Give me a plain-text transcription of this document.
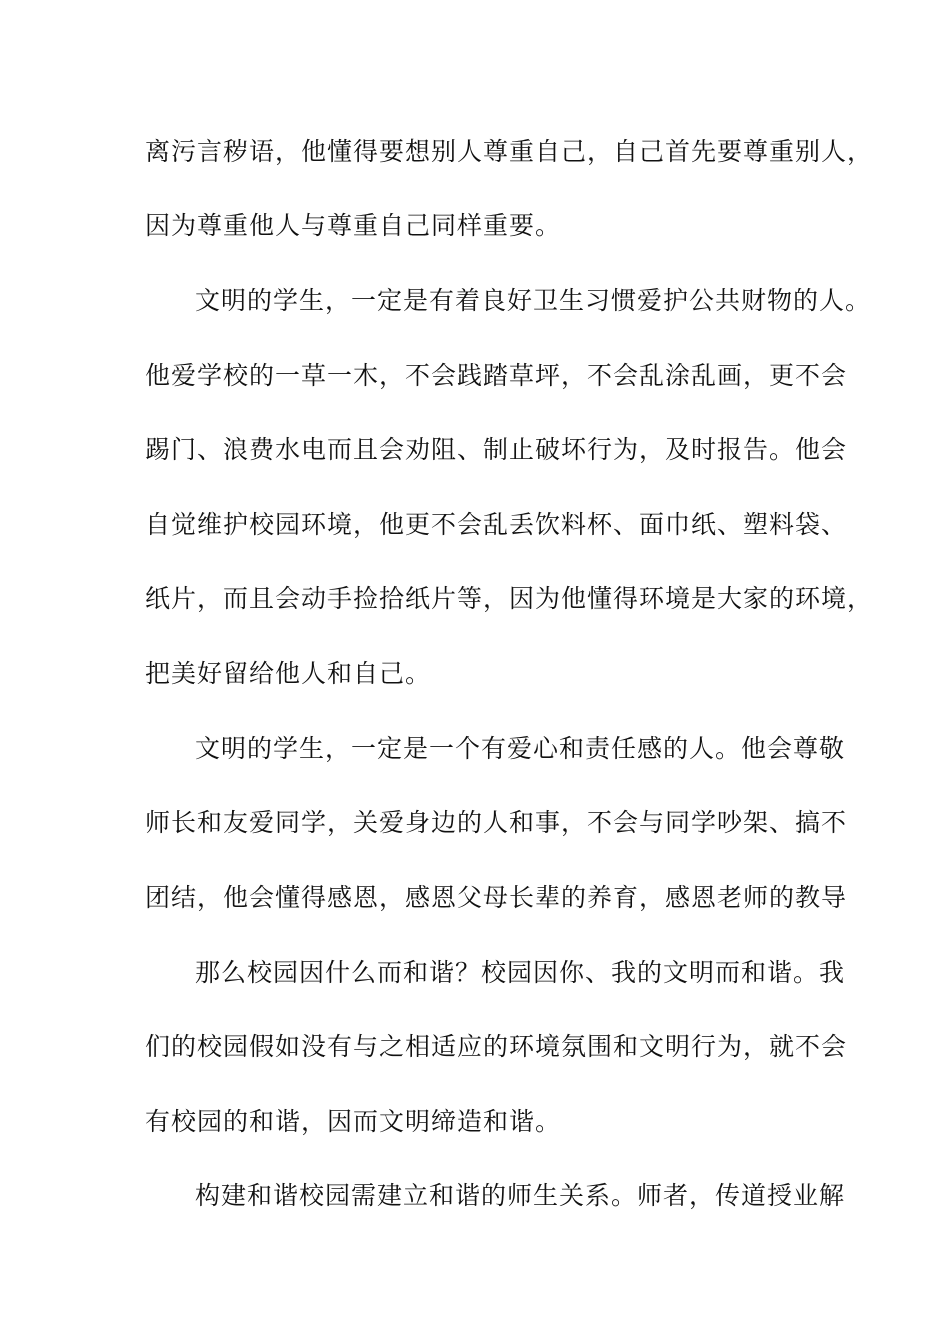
离污言秽语，他懂得要想别人尊重自己，自己首先要尊重别人，
因为尊重他人与尊重自己同样重要。
文明的学生，一定是有着良好卫生习惯爱护公共财物的人。
他爱学校的一草一木，不会践踏草坪，不会乱涂乱画，更不会
踢门、浪费水电而且会劝阻、制止破坏行为，及时报告。他会
自觉维护校园环境，他更不会乱丢饮料杯、面巾纸、塑料袋、
纸片，而且会动手捡拾纸片等，因为他懂得环境是大家的环境，
把美好留给他人和自己。
文明的学生，一定是一个有爱心和责任感的人。他会尊敬
师长和友爱同学，关爱身边的人和事，不会与同学吵架、搞不
团结，他会懂得感恩，感恩父母长辈的养育，感恩老师的教导
那么校园因什么而和谐？校园因你、我的文明而和谐。我
们的校园假如没有与之相适应的环境氛围和文明行为，就不会
有校园的和谐，因而文明缔造和谐。
构建和谐校园需建立和谐的师生关系。师者，传道授业解
